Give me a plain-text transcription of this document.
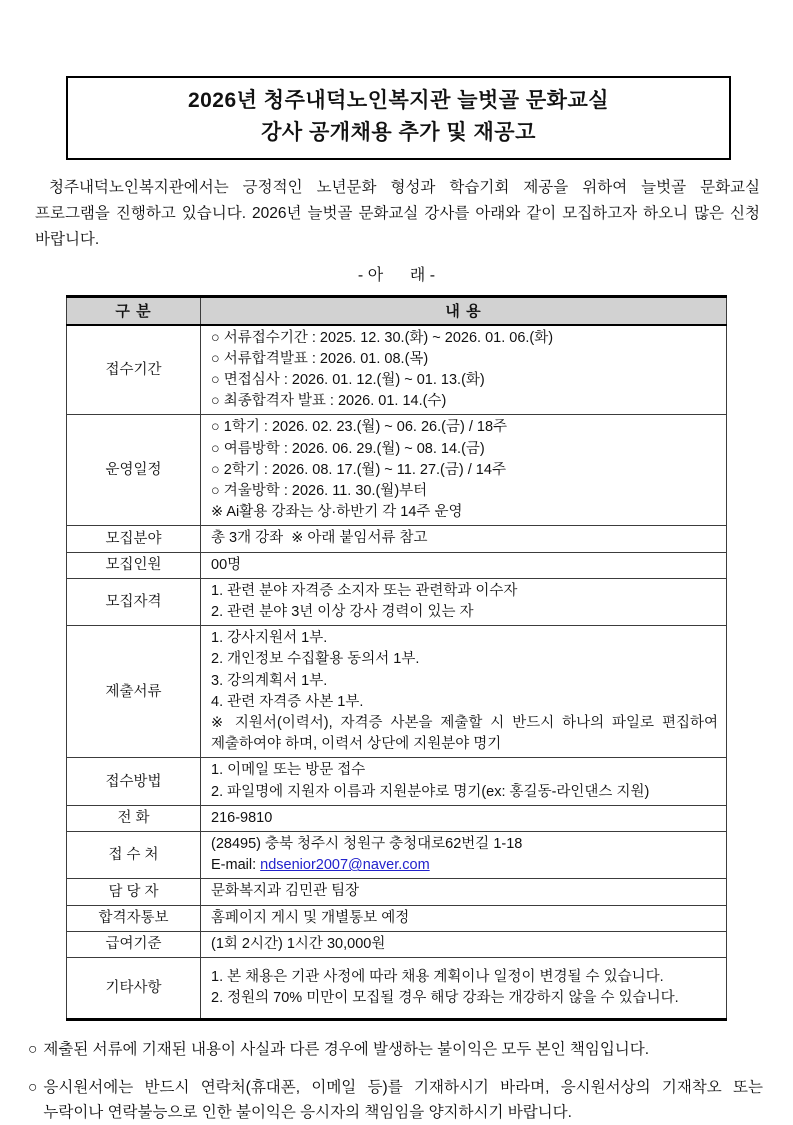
2026년 청주내덕노인복지관 늘벗골 문화교실
강사 공개채용 추가 및 재공고

청주내덕노인복지관에서는 긍정적인 노년문화 형성과 학습기회 제공을 위하여 늘벗골 문화교실 프로그램을 진행하고 있습니다. 2026년 늘벗골 문화교실 강사를 아래와 같이 모집하고자 하오니 많은 신청 바랍니다.

- 아      래 -
구 분	내 용
접수기간	○ 서류접수기간 : 2025. 12. 30.(화) ~ 2026. 01. 06.(화)
○ 서류합격발표 : 2026. 01. 08.(목)
○ 면접심사 : 2026. 01. 12.(월) ~ 01. 13.(화)
○ 최종합격자 발표 : 2026. 01. 14.(수)

운영일정	○ 1학기 : 2026. 02. 23.(월) ~ 06. 26.(금) / 18주
○ 여름방학 : 2026. 06. 29.(월) ~ 08. 14.(금)
○ 2학기 : 2026. 08. 17.(월) ~ 11. 27.(금) / 14주
○ 겨울방학 : 2026. 11. 30.(월)부터
※ Ai활용 강좌는 상·하반기 각 14주 운영

모집분야	총 3개 강좌  ※ 아래 붙임서류 참고

모집인원	00명

모집자격	1. 관련 분야 자격증 소지자 또는 관련학과 이수자
2. 관련 분야 3년 이상 강사 경력이 있는 자

제출서류	1. 강사지원서 1부.
2. 개인정보 수집활용 동의서 1부.
3. 강의계획서 1부.
4. 관련 자격증 사본 1부.
※ 지원서(이력서), 자격증 사본을 제출할 시 반드시 하나의 파일로 편집하여 제출하여야 하며, 이력서 상단에 지원분야 명기

접수방법	1. 이메일 또는 방문 접수
2. 파일명에 지원자 이름과 지원분야로 명기(ex: 홍길동-라인댄스 지원)

전 화	216-9810

접 수 처	(28495) 충북 청주시 청원구 충청대로62번길 1-18
E-mail: ndsenior2007@naver.com

담 당 자	문화복지과 김민관 팀장

합격자통보	홈페이지 게시 및 개별통보 예정

급여기준	(1회 2시간) 1시간 30,000원

기타사항	1. 본 채용은 기관 사정에 따라 채용 계획이나 일정이 변경될 수 있습니다.
2. 정원의 70% 미만이 모집될 경우 해당 강좌는 개강하지 않을 수 있습니다.
○ 제출된 서류에 기재된 내용이 사실과 다른 경우에 발생하는 불이익은 모두 본인 책임입니다.
○ 응시원서에는 반드시 연락처(휴대폰, 이메일 등)를 기재하시기 바라며, 응시원서상의 기재착오 또는 누락이나 연락불능으로 인한 불이익은 응시자의 책임임을 양지하시기 바랍니다.
